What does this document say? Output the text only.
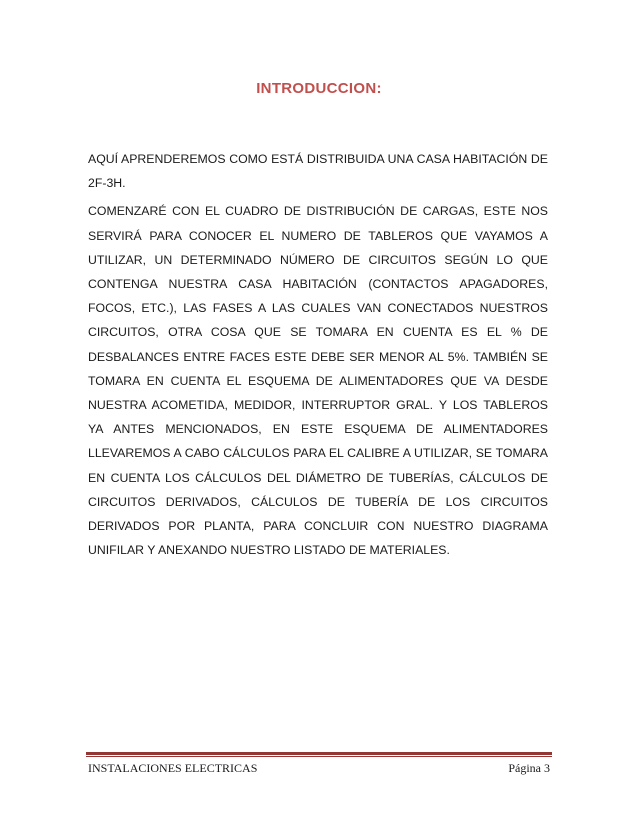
INTRODUCCION:

AQUÍ APRENDEREMOS COMO ESTÁ DISTRIBUIDA UNA CASA HABITACIÓN DE 2F-3H.

COMENZARÉ CON EL CUADRO DE DISTRIBUCIÓN DE CARGAS, ESTE NOS SERVIRÁ PARA CONOCER EL NUMERO DE TABLEROS QUE VAYAMOS A UTILIZAR, UN DETERMINADO NÚMERO DE CIRCUITOS SEGÚN LO QUE CONTENGA NUESTRA CASA HABITACIÓN (CONTACTOS APAGADORES, FOCOS, ETC.), LAS FASES A LAS CUALES VAN CONECTADOS NUESTROS CIRCUITOS, OTRA COSA QUE SE TOMARA EN CUENTA ES EL % DE DESBALANCES ENTRE FACES ESTE DEBE SER MENOR AL 5%. TAMBIÉN SE TOMARA EN CUENTA EL ESQUEMA DE ALIMENTADORES QUE VA DESDE NUESTRA ACOMETIDA, MEDIDOR, INTERRUPTOR GRAL. Y LOS TABLEROS YA ANTES MENCIONADOS, EN ESTE ESQUEMA DE ALIMENTADORES LLEVAREMOS A CABO CÁLCULOS PARA EL CALIBRE A UTILIZAR, SE TOMARA EN CUENTA LOS CÁLCULOS DEL DIÁMETRO DE TUBERÍAS, CÁLCULOS DE CIRCUITOS DERIVADOS, CÁLCULOS DE TUBERÍA DE LOS CIRCUITOS DERIVADOS POR PLANTA, PARA CONCLUIR CON NUESTRO DIAGRAMA UNIFILAR Y ANEXANDO NUESTRO LISTADO DE MATERIALES.

INSTALACIONES ELECTRICAS	Página 3
